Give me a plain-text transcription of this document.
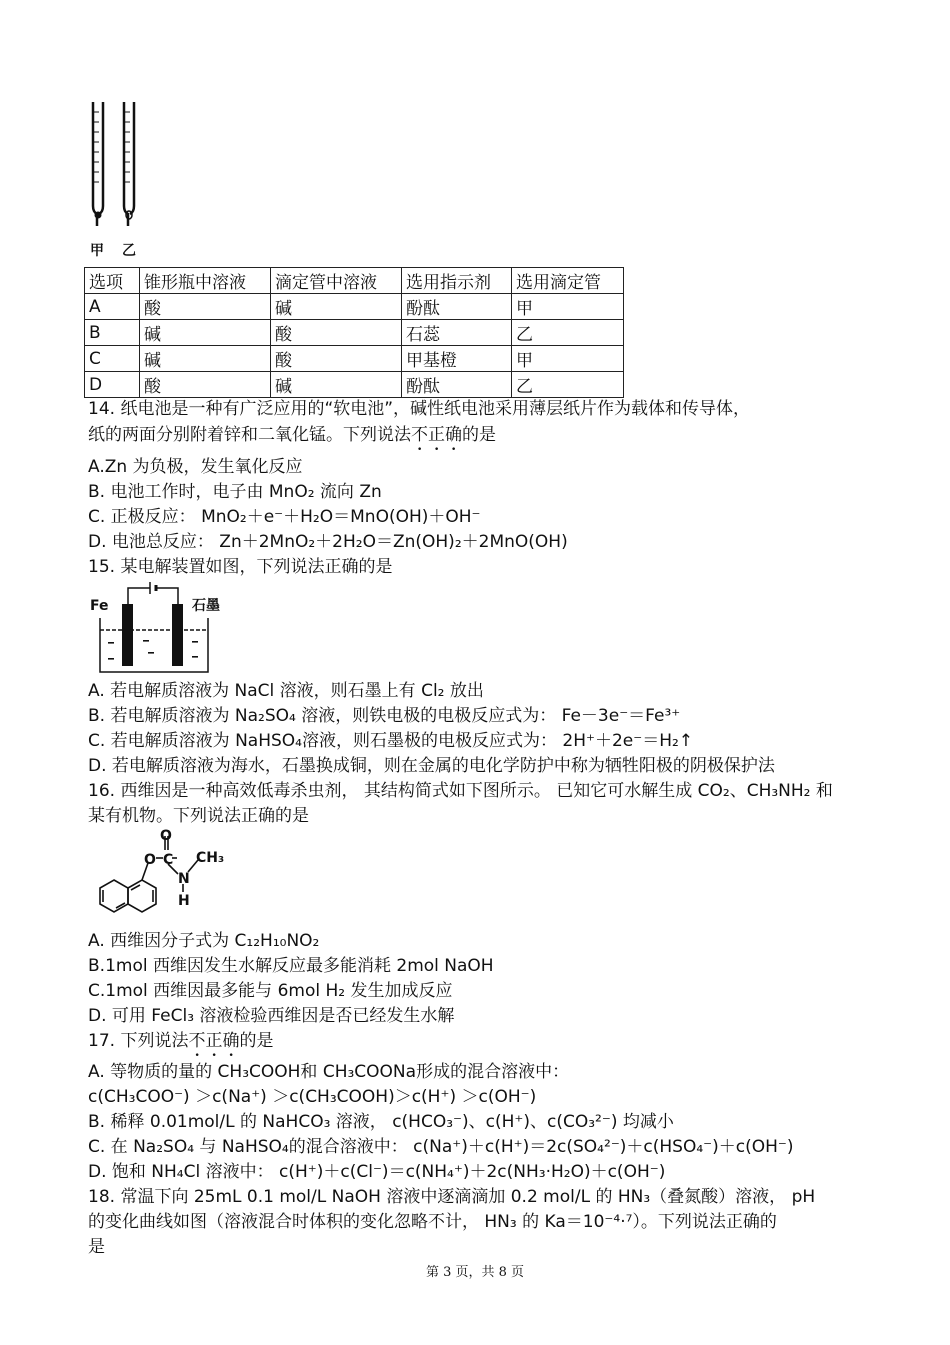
甲 乙
选项	锥形瓶中溶液	滴定管中溶液	选用指示剂	选用滴定管
A	酸	碱	酚酞	甲
B	碱	酸	石蕊	乙
C	碱	酸	甲基橙	甲
D	酸	碱	酚酞	乙
14. 纸电池是一种有广泛应用的“软电池”，碱性纸电池采用薄层纸片作为载体和传导体，
纸的两面分别附着锌和二氧化锰。下列说法不正确的是
A.Zn 为负极，发生氧化反应
B. 电池工作时，电子由 MnO₂ 流向 Zn
C. 正极反应： MnO₂＋e⁻＋H₂O＝MnO(OH)＋OH⁻
D. 电池总反应： Zn＋2MnO₂＋2H₂O＝Zn(OH)₂＋2MnO(OH)
15. 某电解装置如图，下列说法正确的是
Fe	石墨
A. 若电解质溶液为 NaCl 溶液，则石墨上有 Cl₂ 放出
B. 若电解质溶液为 Na₂SO₄ 溶液，则铁电极的电极反应式为： Fe－3e⁻＝Fe³⁺
C. 若电解质溶液为 NaHSO₄溶液，则石墨极的电极反应式为： 2H⁺＋2e⁻＝H₂↑
D. 若电解质溶液为海水，石墨换成铜，则在金属的电化学防护中称为牺牲阳极的阴极保护法
16. 西维因是一种高效低毒杀虫剂， 其结构简式如下图所示。 已知它可水解生成 CO₂、CH₃NH₂ 和
某有机物。下列说法正确的是
O
O C
N
H
CH₃
A. 西维因分子式为 C₁₂H₁₀NO₂
B.1mol 西维因发生水解反应最多能消耗 2mol NaOH
C.1mol 西维因最多能与 6mol H₂ 发生加成反应
D. 可用 FeCl₃ 溶液检验西维因是否已经发生水解
17. 下列说法不正确的是
A. 等物质的量的 CH₃COOH和 CH₃COONa形成的混合溶液中：
c(CH₃COO⁻) ＞c(Na⁺) ＞c(CH₃COOH)＞c(H⁺) ＞c(OH⁻)
B. 稀释 0.01mol/L 的 NaHCO₃ 溶液， c(HCO₃⁻)、c(H⁺)、c(CO₃²⁻) 均减小
C. 在 Na₂SO₄ 与 NaHSO₄的混合溶液中： c(Na⁺)＋c(H⁺)＝2c(SO₄²⁻)＋c(HSO₄⁻)＋c(OH⁻)
D. 饱和 NH₄Cl 溶液中： c(H⁺)＋c(Cl⁻)＝c(NH₄⁺)＋2c(NH₃·H₂O)＋c(OH⁻)
18. 常温下向 25mL 0.1 mol/L NaOH 溶液中逐滴滴加 0.2 mol/L 的 HN₃（叠氮酸）溶液， pH
的变化曲线如图（溶液混合时体积的变化忽略不计， HN₃ 的 Ka＝10⁻⁴·⁷）。下列说法正确的
是
第 3 页，共 8 页
